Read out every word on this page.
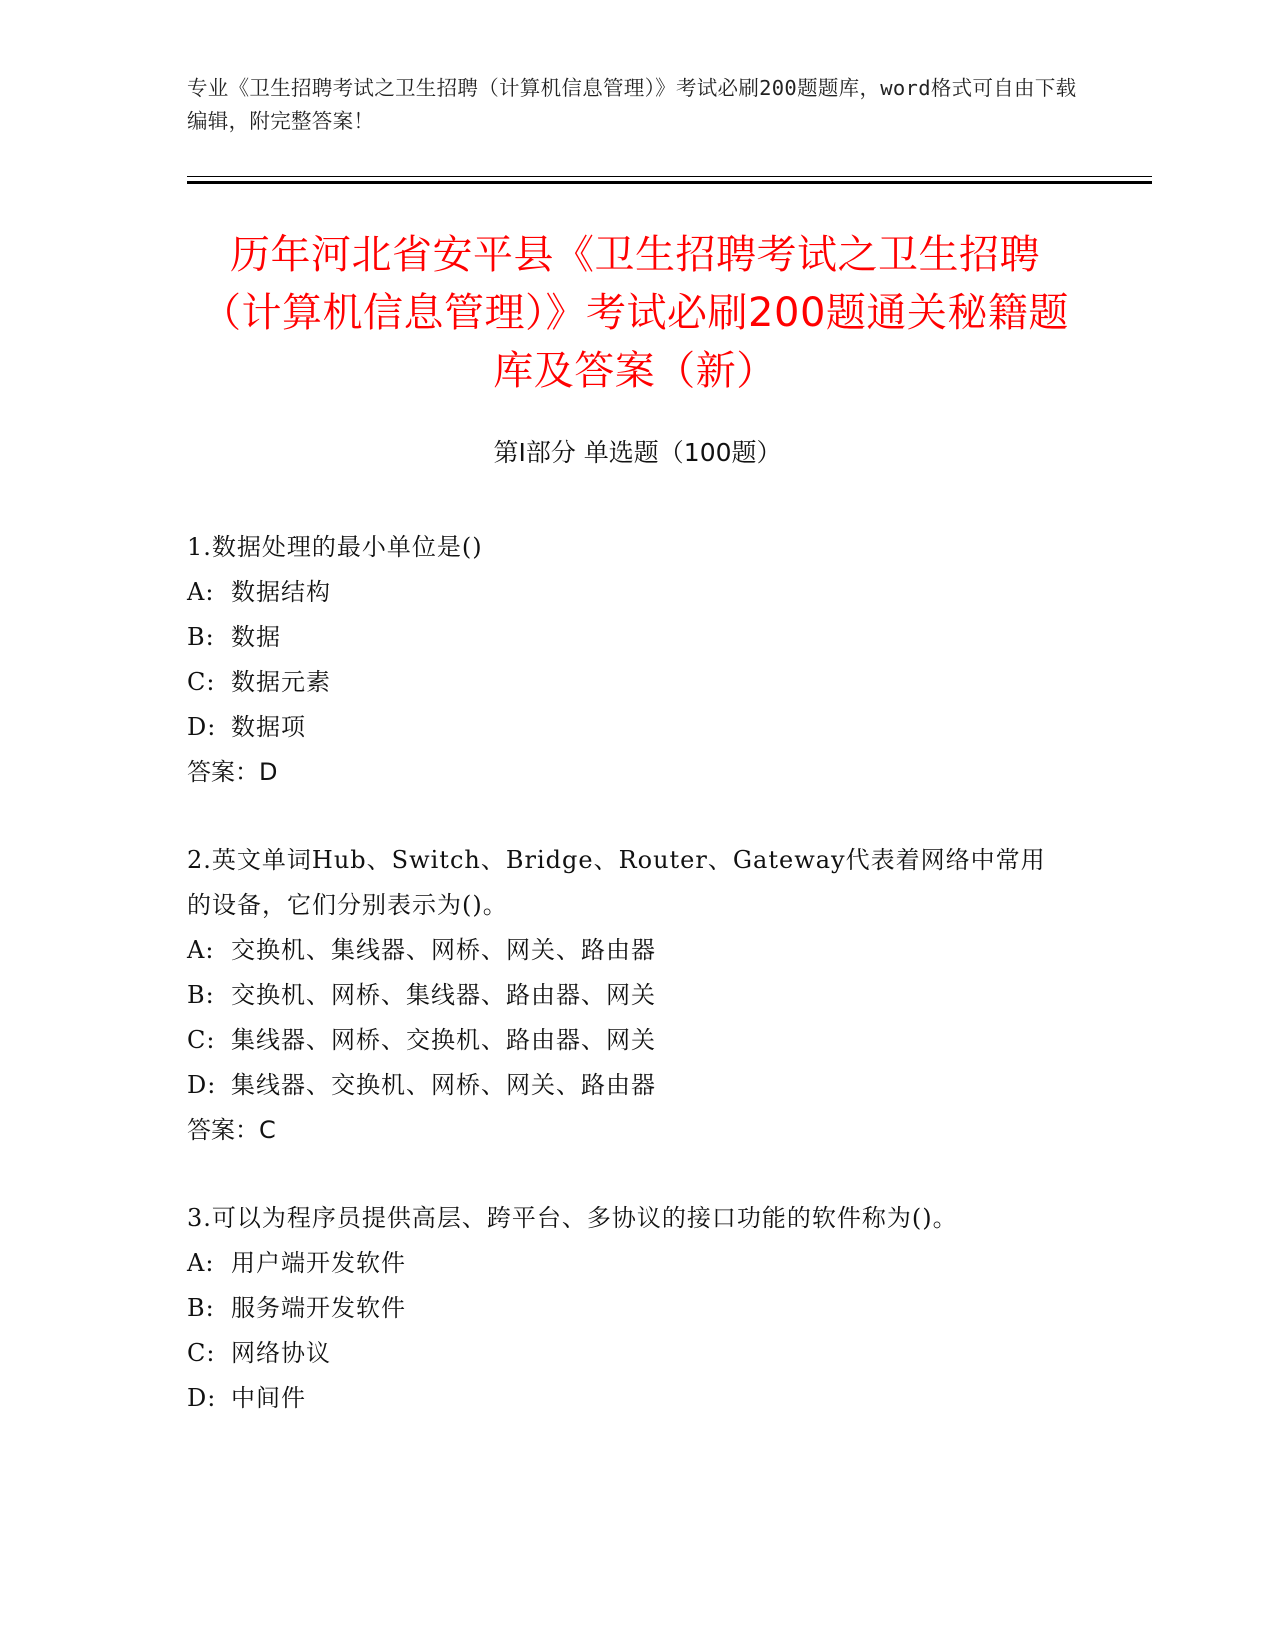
专业《卫生招聘考试之卫生招聘（计算机信息管理）》考试必刷200题题库，word格式可自由下载编辑，附完整答案！
历年河北省安平县《卫生招聘考试之卫生招聘（计算机信息管理）》考试必刷200题通关秘籍题库及答案（新）
第Ⅰ部分 单选题（100题）
1.数据处理的最小单位是()
A: 数据结构
B: 数据
C: 数据元素
D: 数据项
答案：D
2.英文单词Hub、Switch、Bridge、Router、Gateway代表着网络中常用的设备，它们分别表示为()。
A: 交换机、集线器、网桥、网关、路由器
B: 交换机、网桥、集线器、路由器、网关
C: 集线器、网桥、交换机、路由器、网关
D: 集线器、交换机、网桥、网关、路由器
答案：C
3.可以为程序员提供高层、跨平台、多协议的接口功能的软件称为()。
A: 用户端开发软件
B: 服务端开发软件
C: 网络协议
D: 中间件
